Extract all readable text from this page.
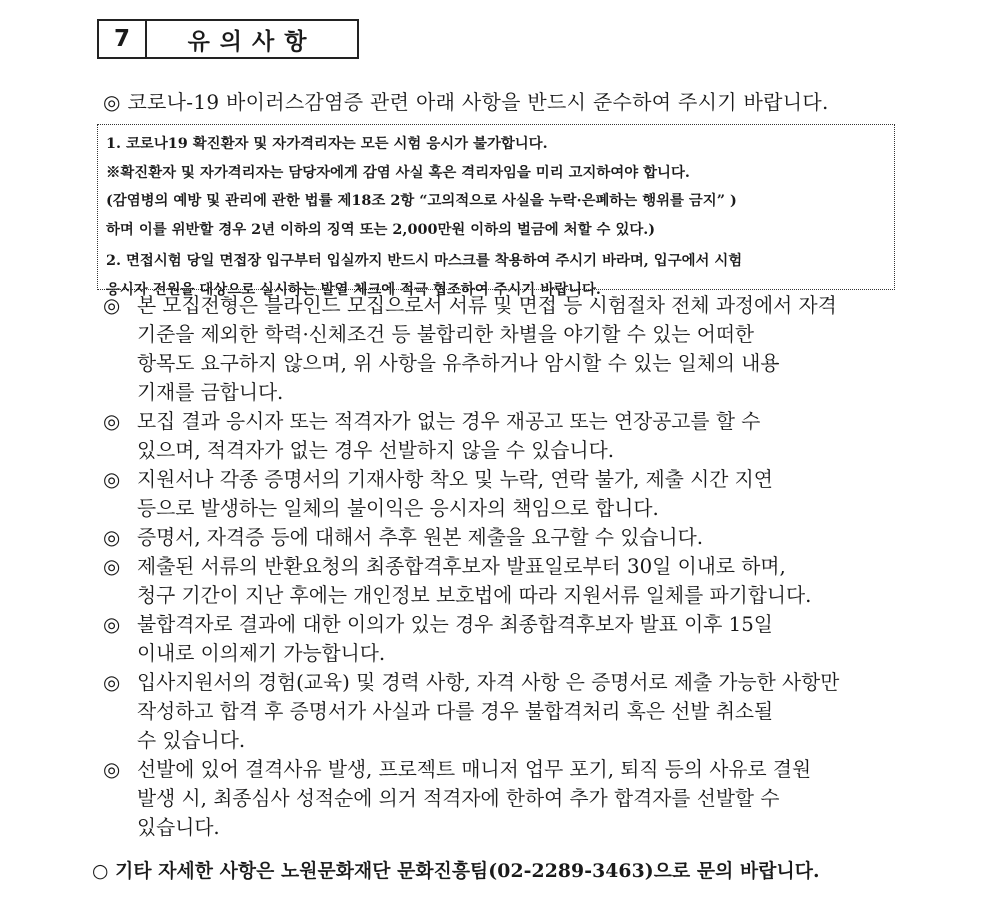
7	유의사항
◎ 코로나-19 바이러스감염증 관련 아래 사항을 반드시 준수하여 주시기 바랍니다.
1. 코로나19 확진환자 및 자가격리자는 모든 시험 응시가 불가합니다.
※확진환자 및 자가격리자는 담당자에게 감염 사실 혹은 격리자임을 미리 고지하여야 합니다.
(감염병의 예방 및 관리에 관한 법률 제18조 2항 “고의적으로 사실을 누락·은폐하는 행위를 금지” )
하며 이를 위반할 경우 2년 이하의 징역 또는 2,000만원 이하의 벌금에 처할 수 있다.)
2. 면접시험 당일 면접장 입구부터 입실까지 반드시 마스크를 착용하여 주시기 바라며, 입구에서 시험
응시자 전원을 대상으로 실시하는 발열 체크에 적극 협조하여 주시기 바랍니다.
◎ 본 모집전형은 블라인드 모집으로서 서류 및 면접 등 시험절차 전체 과정에서 자격
기준을 제외한 학력·신체조건 등 불합리한 차별을 야기할 수 있는 어떠한
항목도 요구하지 않으며, 위 사항을 유추하거나 암시할 수 있는 일체의 내용
기재를 금합니다.
◎ 모집 결과 응시자 또는 적격자가 없는 경우 재공고 또는 연장공고를 할 수
있으며, 적격자가 없는 경우 선발하지 않을 수 있습니다.
◎ 지원서나 각종 증명서의 기재사항 착오 및 누락, 연락 불가, 제출 시간 지연
등으로 발생하는 일체의 불이익은 응시자의 책임으로 합니다.
◎ 증명서, 자격증 등에 대해서 추후 원본 제출을 요구할 수 있습니다.
◎ 제출된 서류의 반환요청의 최종합격후보자 발표일로부터 30일 이내로 하며,
청구 기간이 지난 후에는 개인정보 보호법에 따라 지원서류 일체를 파기합니다.
◎ 불합격자로 결과에 대한 이의가 있는 경우 최종합격후보자 발표 이후 15일
이내로 이의제기 가능합니다.
◎ 입사지원서의 경험(교육) 및 경력 사항, 자격 사항 은 증명서로 제출 가능한 사항만
작성하고 합격 후 증명서가 사실과 다를 경우 불합격처리 혹은 선발 취소될
수 있습니다.
◎ 선발에 있어 결격사유 발생, 프로젝트 매니저 업무 포기, 퇴직 등의 사유로 결원
발생 시, 최종심사 성적순에 의거 적격자에 한하여 추가 합격자를 선발할 수
있습니다.
○ 기타 자세한 사항은 노원문화재단 문화진흥팀(02-2289-3463)으로 문의 바랍니다.
